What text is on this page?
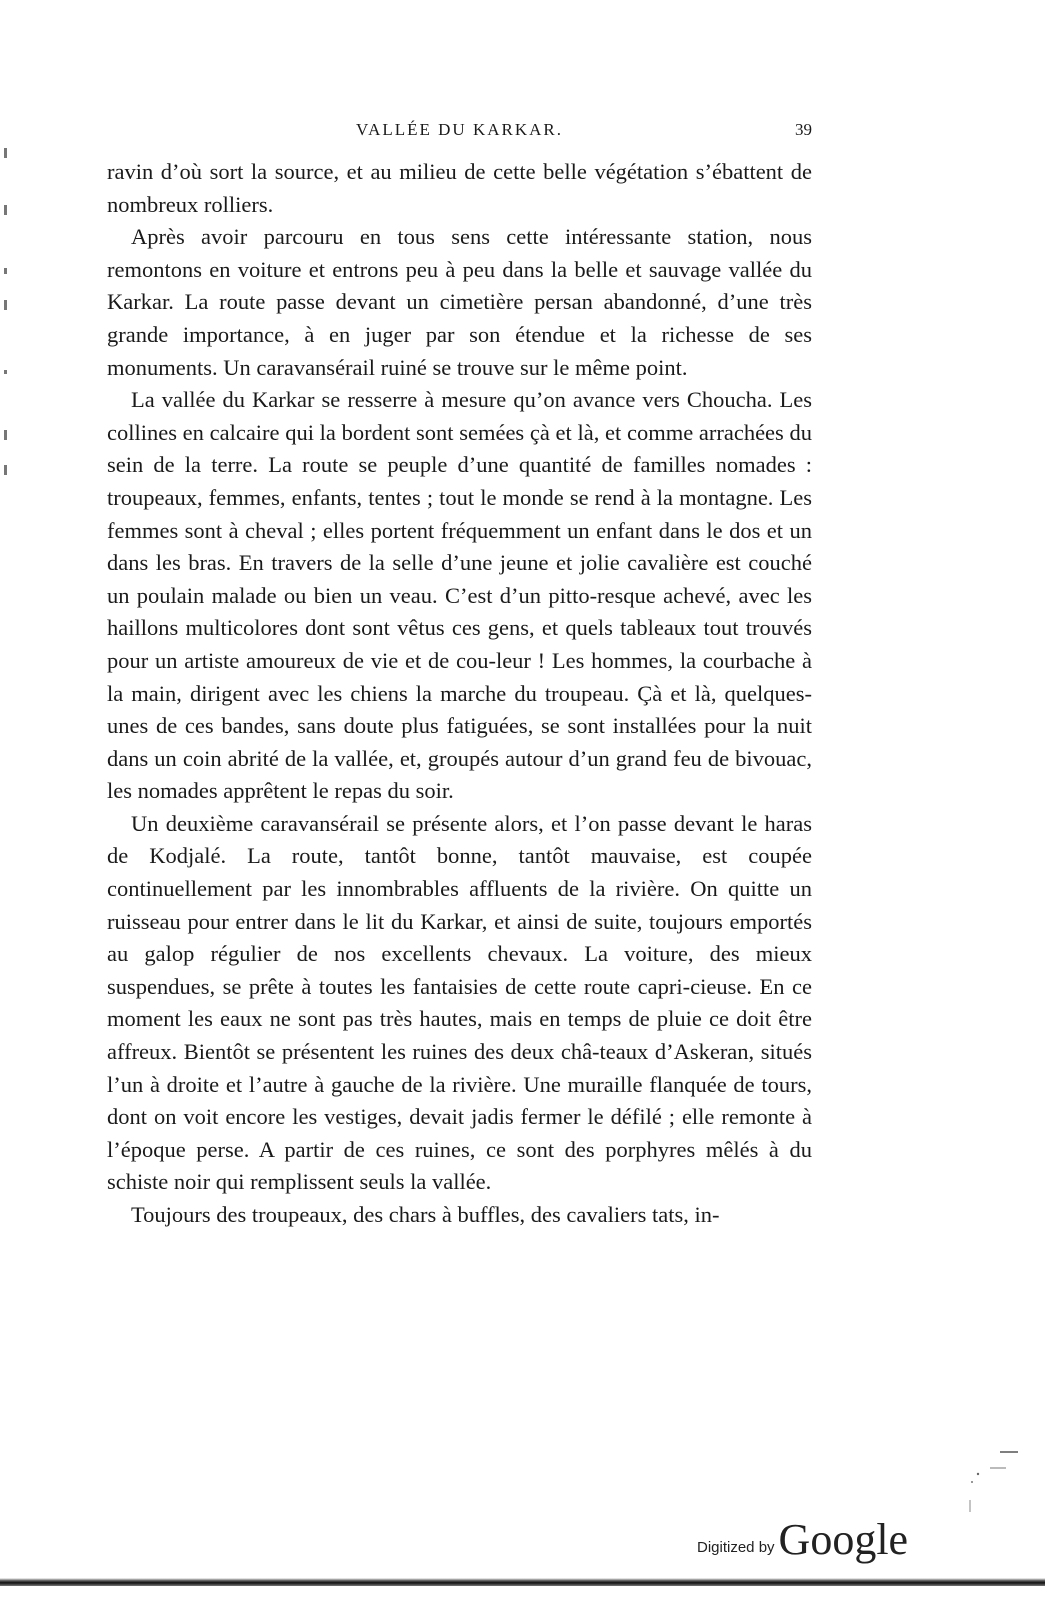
VALLÉE DU KARKAR.	39

ravin d’où sort la source, et au milieu de cette belle végétation s’ébattent de nombreux rolliers.

Après avoir parcouru en tous sens cette intéressante station, nous remontons en voiture et entrons peu à peu dans la belle et sauvage vallée du Karkar. La route passe devant un cimetière persan abandonné, d’une très grande importance, à en juger par son étendue et la richesse de ses monuments. Un caravansérail ruiné se trouve sur le même point.

La vallée du Karkar se resserre à mesure qu’on avance vers Choucha. Les collines en calcaire qui la bordent sont semées çà et là, et comme arrachées du sein de la terre. La route se peuple d’une quantité de familles nomades : troupeaux, femmes, enfants, tentes ; tout le monde se rend à la montagne. Les femmes sont à cheval ; elles portent fréquemment un enfant dans le dos et un dans les bras. En travers de la selle d’une jeune et jolie cavalière est couché un poulain malade ou bien un veau. C’est d’un pitto-resque achevé, avec les haillons multicolores dont sont vêtus ces gens, et quels tableaux tout trouvés pour un artiste amoureux de vie et de cou-leur ! Les hommes, la courbache à la main, dirigent avec les chiens la marche du troupeau. Çà et là, quelques-unes de ces bandes, sans doute plus fatiguées, se sont installées pour la nuit dans un coin abrité de la vallée, et, groupés autour d’un grand feu de bivouac, les nomades apprêtent le repas du soir.

Un deuxième caravansérail se présente alors, et l’on passe devant le haras de Kodjalé. La route, tantôt bonne, tantôt mauvaise, est coupée continuellement par les innombrables affluents de la rivière. On quitte un ruisseau pour entrer dans le lit du Karkar, et ainsi de suite, toujours emportés au galop régulier de nos excellents chevaux. La voiture, des mieux suspendues, se prête à toutes les fantaisies de cette route capri-cieuse. En ce moment les eaux ne sont pas très hautes, mais en temps de pluie ce doit être affreux. Bientôt se présentent les ruines des deux châ-teaux d’Askeran, situés l’un à droite et l’autre à gauche de la rivière. Une muraille flanquée de tours, dont on voit encore les vestiges, devait jadis fermer le défilé ; elle remonte à l’époque perse. A partir de ces ruines, ce sont des porphyres mêlés à du schiste noir qui remplissent seuls la vallée.

Toujours des troupeaux, des chars à buffles, des cavaliers tats, in-

Digitized by Google
